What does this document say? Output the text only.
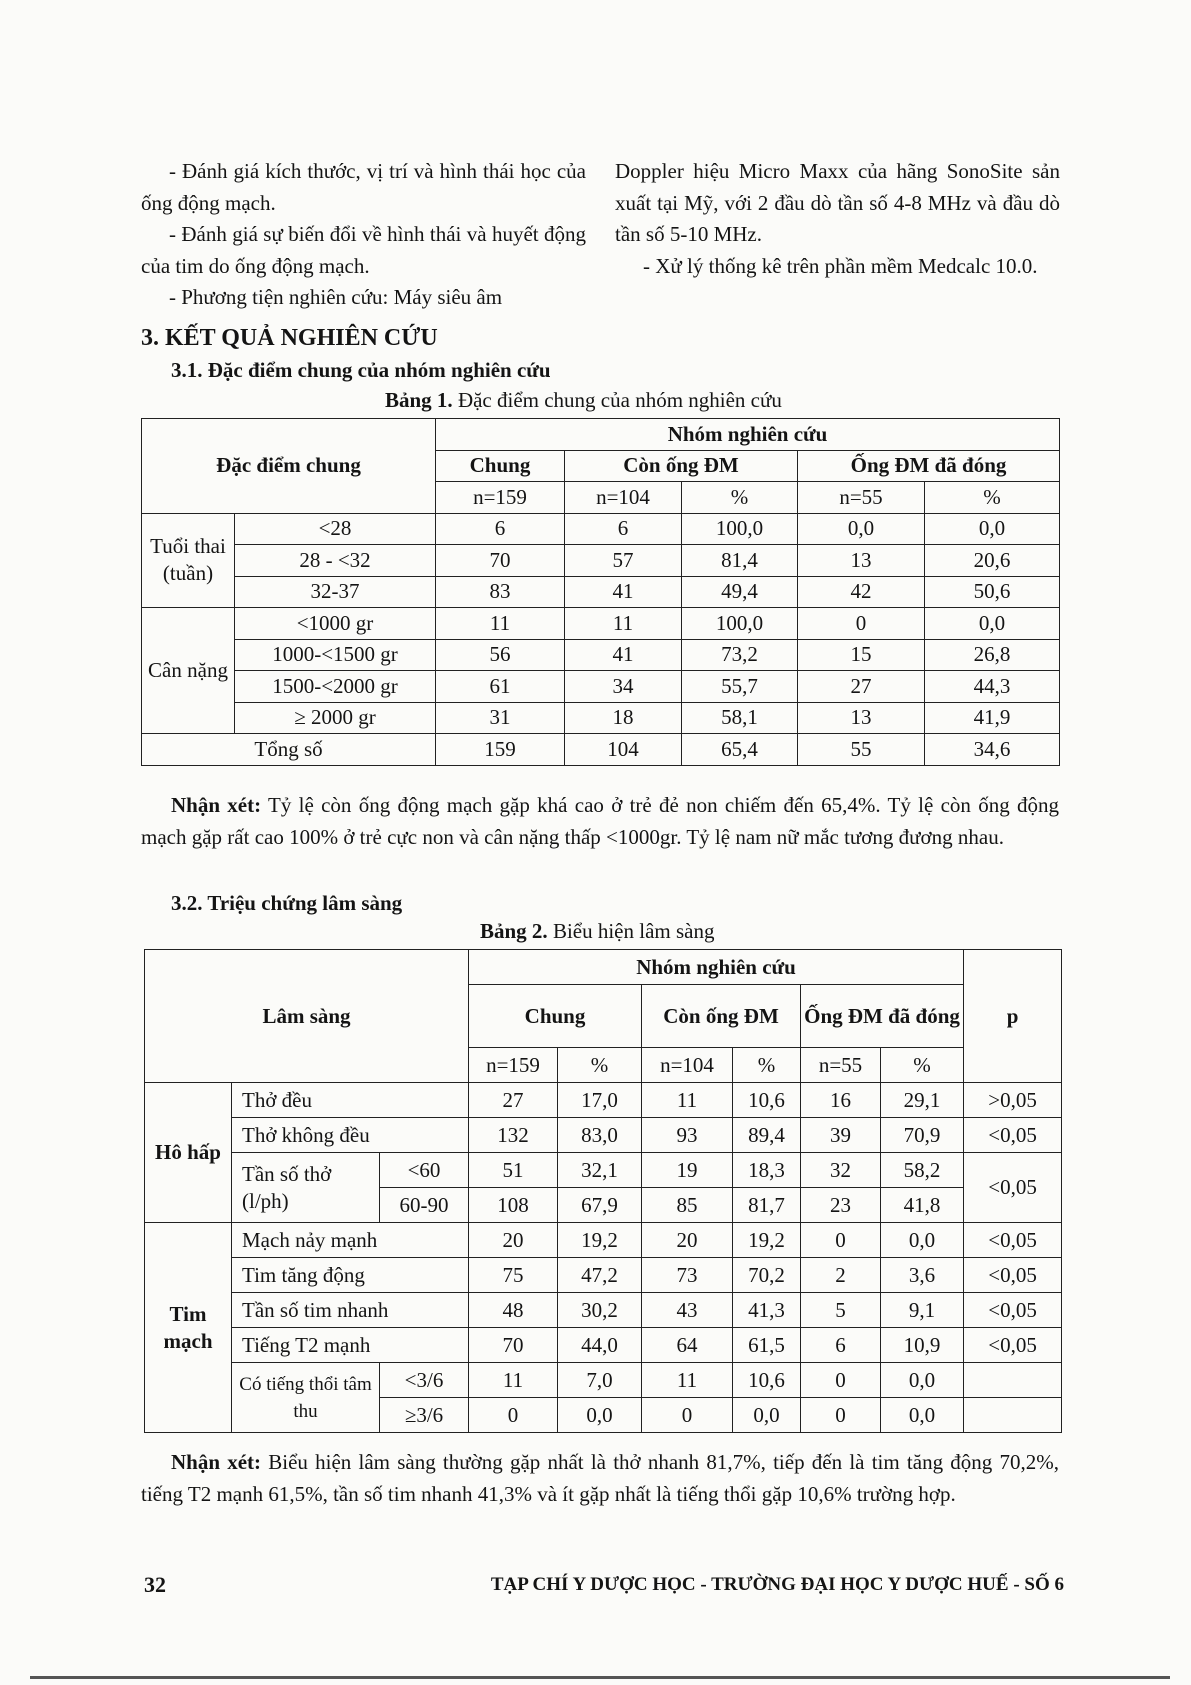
- Đánh giá kích thước, vị trí và hình thái học của ống động mạch.

- Đánh giá sự biến đổi về hình thái và huyết động của tim do ống động mạch.

- Phương tiện nghiên cứu: Máy siêu âm

Doppler hiệu Micro Maxx của hãng SonoSite sản xuất tại Mỹ, với 2 đầu dò tần số 4-8 MHz và đầu dò tần số 5-10 MHz.

- Xử lý thống kê trên phần mềm Medcalc 10.0.

3. KẾT QUẢ NGHIÊN CỨU
3.1. Đặc điểm chung của nhóm nghiên cứu

Bảng 1. Đặc điểm chung của nhóm nghiên cứu

Đặc điểm chung		Nhóm nghiên cứu				
		Chung	Còn ống ĐM		Ống ĐM đã đóng	
		n=159	n=104	%	n=55	%
Tuổi thai (tuần)	<28	6	6	100,0	0,0	0,0
	28 - <32	70	57	81,4	13	20,6
	32-37	83	41	49,4	42	50,6
Cân nặng	<1000 gr	11	11	100,0	0	0,0
	1000-<1500 gr	56	41	73,2	15	26,8
	1500-<2000 gr	61	34	55,7	27	44,3
	≥ 2000 gr	31	18	58,1	13	41,9
Tổng số		159	104	65,4	55	34,6

Nhận xét: Tỷ lệ còn ống động mạch gặp khá cao ở trẻ đẻ non chiếm đến 65,4%. Tỷ lệ còn ống động mạch gặp rất cao 100% ở trẻ cực non và cân nặng thấp <1000gr. Tỷ lệ nam nữ mắc tương đương nhau.

3.2. Triệu chứng lâm sàng

Bảng 2. Biểu hiện lâm sàng

Lâm sàng			Nhóm nghiên cứu						p
			Chung		Còn ống ĐM		Ống ĐM đã đóng		
			n=159	%	n=104	%	n=55	%	
Hô hấp	Thở đều		27	17,0	11	10,6	16	29,1	>0,05
	Thở không đều		132	83,0	93	89,4	39	70,9	<0,05
	Tần số thở (l/ph)	<60	51	32,1	19	18,3	32	58,2	<0,05
		60-90	108	67,9	85	81,7	23	41,8	
Tim mạch	Mạch nảy mạnh		20	19,2	20	19,2	0	0,0	<0,05
	Tim tăng động		75	47,2	73	70,2	2	3,6	<0,05
	Tần số tim nhanh		48	30,2	43	41,3	5	9,1	<0,05
	Tiếng T2 mạnh		70	44,0	64	61,5	6	10,9	<0,05
	Có tiếng thổi tâm thu	<3/6	11	7,0	11	10,6	0	0,0	
		≥3/6	0	0,0	0	0,0	0	0,0	

Nhận xét: Biểu hiện lâm sàng thường gặp nhất là thở nhanh 81,7%, tiếp đến là tim tăng động 70,2%, tiếng T2 mạnh 61,5%, tần số tim nhanh 41,3% và ít gặp nhất là tiếng thổi gặp 10,6% trường hợp.

32	TẠP CHÍ Y DƯỢC HỌC - TRƯỜNG ĐẠI HỌC Y DƯỢC HUẾ - SỐ 6
